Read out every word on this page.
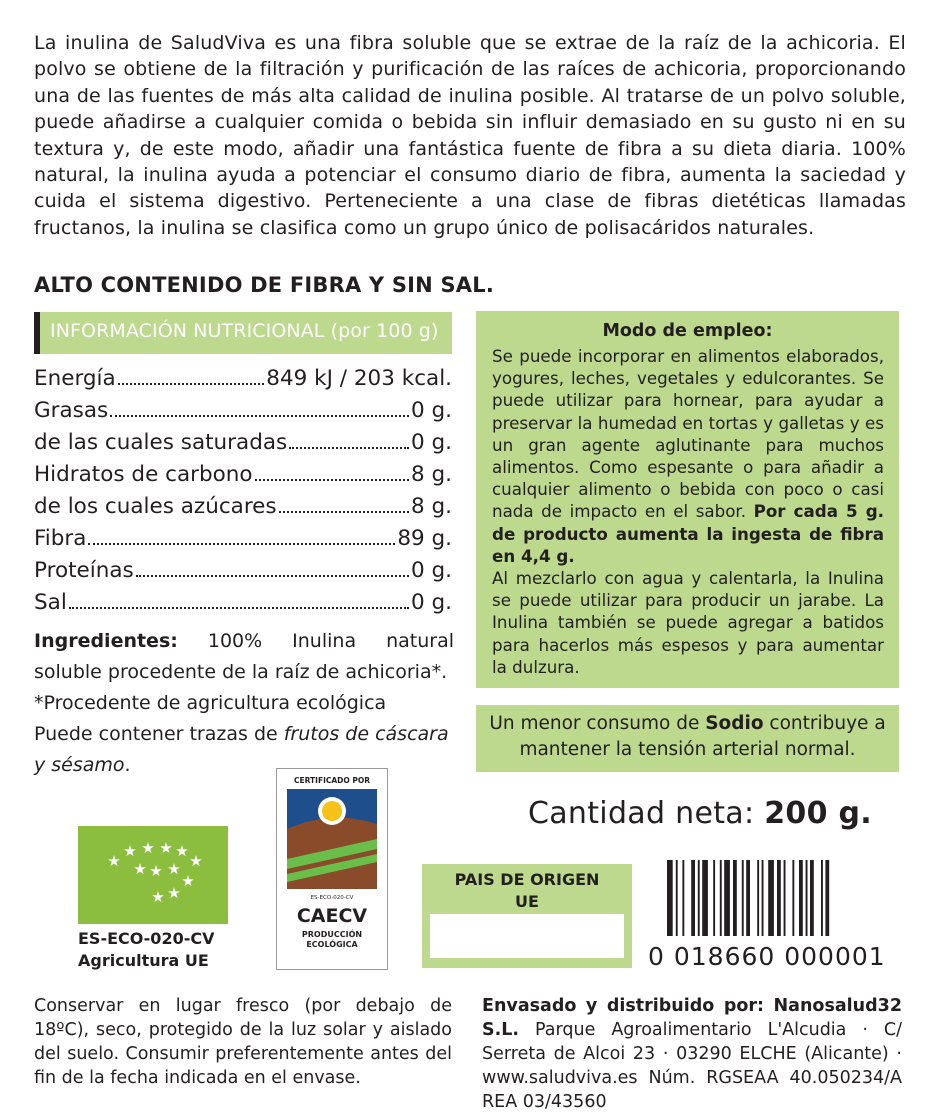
La inulina de SaludViva es una fibra soluble que se extrae de la raíz de la achicoria. El polvo se obtiene de la filtración y purificación de las raíces de achicoria, proporcionando una de las fuentes de más alta calidad de inulina posible. Al tratarse de un polvo soluble, puede añadirse a cualquier comida o bebida sin influir demasiado en su gusto ni en su textura y, de este modo, añadir una fantástica fuente de fibra a su dieta diaria. 100% natural, la inulina ayuda a potenciar el consumo diario de fibra, aumenta la saciedad y cuida el sistema digestivo. Perteneciente a una clase de fibras dietéticas llamadas fructanos, la inulina se clasifica como un grupo único de polisacáridos naturales.

ALTO CONTENIDO DE FIBRA Y SIN SAL.
INFORMACIÓN NUTRICIONAL (por 100 g)
Energía	849 kJ / 203 kcal.
Grasas	0 g.
de las cuales saturadas	0 g.
Hidratos de carbono	8 g.
de los cuales azúcares	8 g.
Fibra	89 g.
Proteínas	0 g.
Sal	0 g.
Ingredientes: 100% Inulina natural soluble procedente de la raíz de achicoria*.
*Procedente de agricultura ecológica
Puede contener trazas de frutos de cáscara y sésamo.
Modo de empleo:
Se puede incorporar en alimentos elaborados, yogures, leches, vegetales y edulcorantes. Se puede utilizar para hornear, para ayudar a preservar la humedad en tortas y galletas y es un gran agente aglutinante para muchos alimentos. Como espesante o para añadir a cualquier alimento o bebida con poco o casi nada de impacto en el sabor. Por cada 5 g. de producto aumenta la ingesta de fibra en 4,4 g.
Al mezclarlo con agua y calentarla, la Inulina se puede utilizar para producir un jarabe. La Inulina también se puede agregar a batidos para hacerlos más espesos y para aumentar la dulzura.
Un menor consumo de Sodio contribuye a mantener la tensión arterial normal.
Cantidad neta: 200 g.
★
★ ★ ★ ★
★
★ ★ ★
★
★
★
ES-ECO-020-CV
Agricultura UE
CERTIFICADO POR
ES-ECO-020-CV
CAECV
PRODUCCIÓN
ECOLÓGICA
PAIS DE ORIGEN
UE
0 018660 000001
Conservar en lugar fresco (por debajo de 18ºC), seco, protegido de la luz solar y aislado del suelo. Consumir preferentemente antes del fin de la fecha indicada en el envase.
Envasado y distribuido por: Nanosalud32 S.L. Parque Agroalimentario L'Alcudia · C/ Serreta de Alcoi 23 · 03290 ELCHE (Alicante) · www.saludviva.es Núm. RGSEAA 40.050234/A REA 03/43560
